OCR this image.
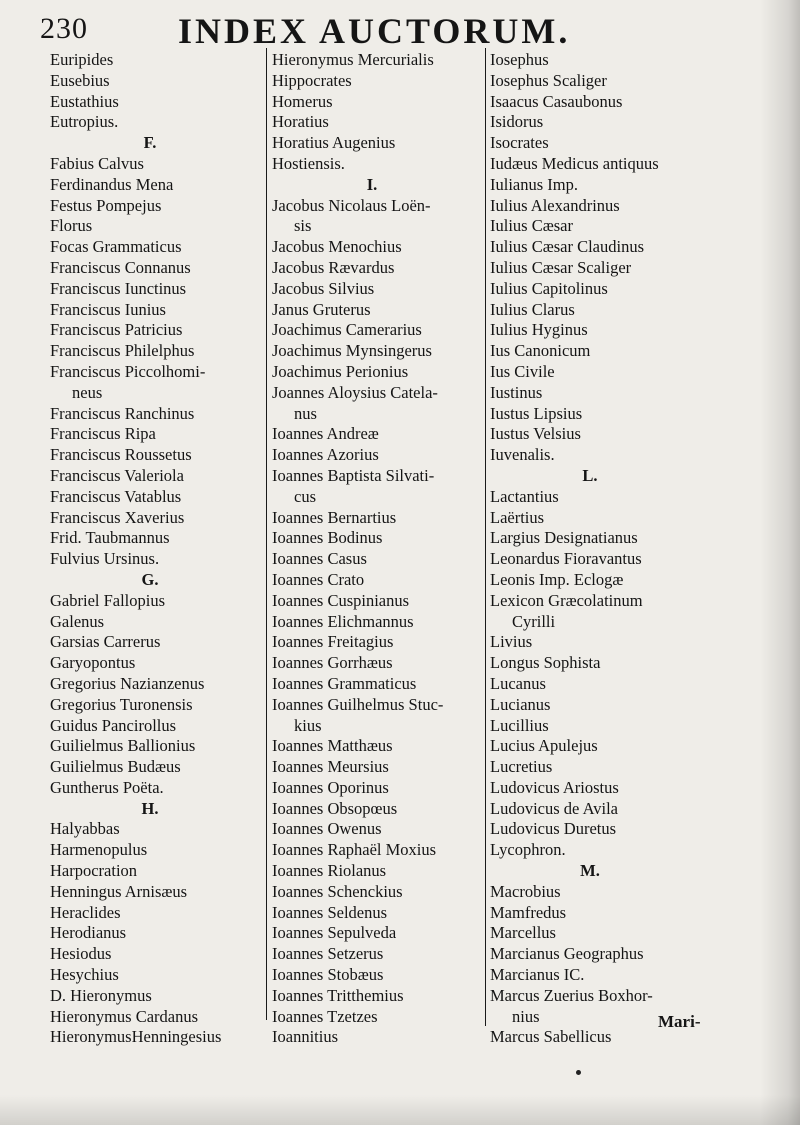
230	INDEX AUCTORUM.
Euripides
Eusebius
Eustathius
Eutropius.
F.
Fabius Calvus
Ferdinandus Mena
Festus Pompejus
Florus
Focas Grammaticus
Franciscus Connanus
Franciscus Iunctinus
Franciscus Iunius
Franciscus Patricius
Franciscus Philelphus
Franciscus Piccolhomi-
neus
Franciscus Ranchinus
Franciscus Ripa
Franciscus Roussetus
Franciscus Valeriola
Franciscus Vatablus
Franciscus Xaverius
Frid. Taubmannus
Fulvius Ursinus.
G.
Gabriel Fallopius
Galenus
Garsias Carrerus
Garyopontus
Gregorius Nazianzenus
Gregorius Turonensis
Guidus Pancirollus
Guilielmus Ballionius
Guilielmus Budæus
Guntherus Poëta.
H.
Halyabbas
Harmenopulus
Harpocration
Henningus Arnisæus
Heraclides
Herodianus
Hesiodus
Hesychius
D. Hieronymus
Hieronymus Cardanus
HieronymusHenningesius
Hieronymus Mercurialis
Hippocrates
Homerus
Horatius
Horatius Augenius
Hostiensis.
I.
Jacobus Nicolaus Loën-
sis
Jacobus Menochius
Jacobus Rævardus
Jacobus Silvius
Janus Gruterus
Joachimus Camerarius
Joachimus Mynsingerus
Joachimus Perionius
Joannes Aloysius Catela-
nus
Ioannes Andreæ
Ioannes Azorius
Ioannes Baptista Silvati-
cus
Ioannes Bernartius
Ioannes Bodinus
Ioannes Casus
Ioannes Crato
Ioannes Cuspinianus
Ioannes Elichmannus
Ioannes Freitagius
Ioannes Gorrhæus
Ioannes Grammaticus
Ioannes Guilhelmus Stuc-
kius
Ioannes Matthæus
Ioannes Meursius
Ioannes Oporinus
Ioannes Obsopœus
Ioannes Owenus
Ioannes Raphaël Moxius
Ioannes Riolanus
Ioannes Schenckius
Ioannes Seldenus
Ioannes Sepulveda
Ioannes Setzerus
Ioannes Stobæus
Ioannes Tritthemius
Ioannes Tzetzes
Ioannitius
Iosephus
Iosephus Scaliger
Isaacus Casaubonus
Isidorus
Isocrates
Iudæus Medicus antiquus
Iulianus Imp.
Iulius Alexandrinus
Iulius Cæsar
Iulius Cæsar Claudinus
Iulius Cæsar Scaliger
Iulius Capitolinus
Iulius Clarus
Iulius Hyginus
Ius Canonicum
Ius Civile
Iustinus
Iustus Lipsius
Iustus Velsius
Iuvenalis.
L.
Lactantius
Laërtius
Largius Designatianus
Leonardus Fioravantus
Leonis Imp. Eclogæ
Lexicon Græcolatinum
Cyrilli
Livius
Longus Sophista
Lucanus
Lucianus
Lucillius
Lucius Apulejus
Lucretius
Ludovicus Ariostus
Ludovicus de Avila
Ludovicus Duretus
Lycophron.
M.
Macrobius
Mamfredus
Marcellus
Marcianus Geographus
Marcianus IC.
Marcus Zuerius Boxhor-
nius
Marcus Sabellicus
Mari-
